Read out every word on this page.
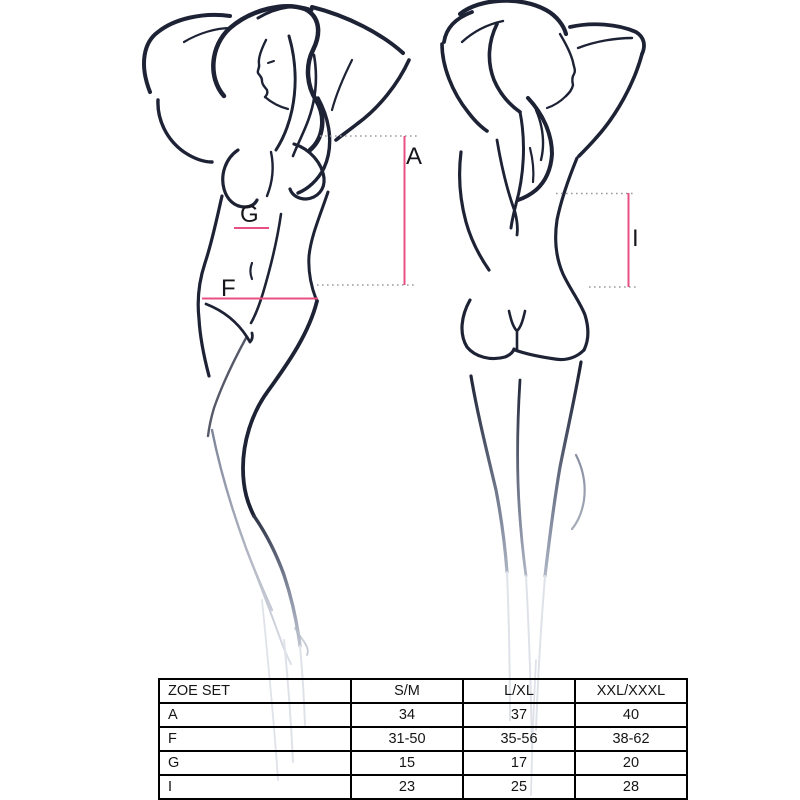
A
G
F
I
ZOE SET	S/M	L/XL	XXL/XXXL
A	34	37	40
F	31-50	35-56	38-62
G	15	17	20
I	23	25	28
